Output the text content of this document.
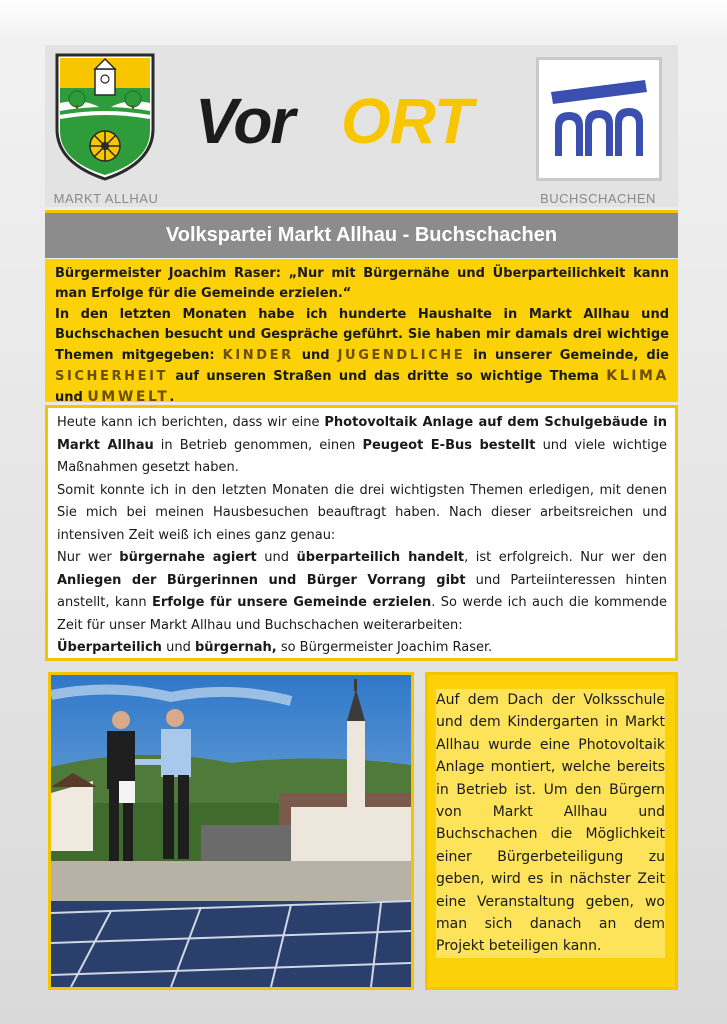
MARKT ALLHAU
Vor ORT
BUCHSCHACHEN
Volkspartei Markt Allhau - Buchschachen

Bürgermeister Joachim Raser: „Nur mit Bürgernähe und Überparteilichkeit kann man Erfolge für die Gemeinde erzielen.“

In den letzten Monaten habe ich hunderte Haushalte in Markt Allhau und Buchschachen besucht und Gespräche geführt. Sie haben mir damals drei wichtige Themen mitgegeben: KINDER und JUGENDLICHE in unserer Gemeinde, die SICHERHEIT auf unseren Straßen und das dritte so wichtige Thema KLIMA und UMWELT.

Heute kann ich berichten, dass wir eine Photovoltaik Anlage auf dem Schulgebäude in Markt Allhau in Betrieb genommen, einen Peugeot E-Bus bestellt und viele wichtige Maßnahmen gesetzt haben.

Somit konnte ich in den letzten Monaten die drei wichtigsten Themen erledigen, mit denen Sie mich bei meinen Hausbesuchen beauftragt haben. Nach dieser arbeitsreichen und intensiven Zeit weiß ich eines ganz genau:

Nur wer bürgernahe agiert und überparteilich handelt, ist erfolgreich. Nur wer den Anliegen der Bürgerinnen und Bürger Vorrang gibt und Parteiinteressen hinten anstellt, kann Erfolge für unsere Gemeinde erzielen. So werde ich auch die kommende Zeit für unser Markt Allhau und Buchschachen weiterarbeiten:

Überparteilich und bürgernah, so Bürgermeister Joachim Raser.

Auf dem Dach der Volksschule und dem Kindergarten in Markt Allhau wurde eine Photovoltaik Anlage montiert, welche bereits in Betrieb ist. Um den Bürgern von Markt Allhau und Buchschachen die Möglichkeit einer Bürgerbeteiligung zu geben, wird es in nächster Zeit eine Veranstaltung geben, wo man sich danach an dem Projekt beteiligen kann.
